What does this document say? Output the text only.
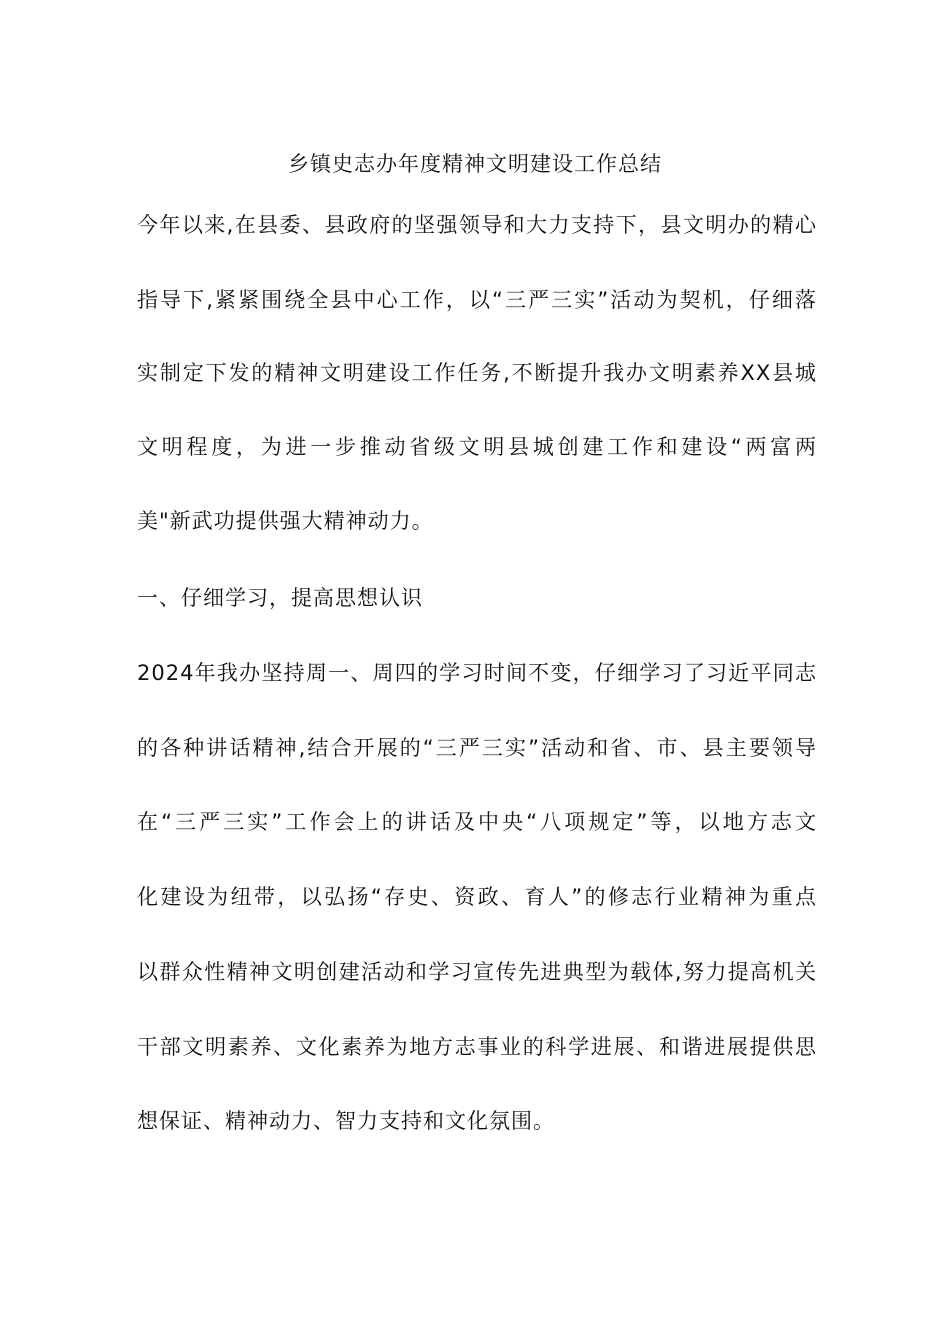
乡镇史志办年度精神文明建设工作总结
今年以来,在县委、县政府的坚强领导和大力支持下，县文明办的精心
指导下,紧紧围绕全县中心工作，以“三严三实”活动为契机，仔细落
实制定下发的精神文明建设工作任务,不断提升我办文明素养XX县城
文明程度，为进一步推动省级文明县城创建工作和建设“两富两
美"新武功提供强大精神动力。
一、仔细学习，提高思想认识
2024年我办坚持周一、周四的学习时间不变，仔细学习了习近平同志
的各种讲话精神,结合开展的“三严三实”活动和省、市、县主要领导
在“三严三实”工作会上的讲话及中央“八项规定”等，以地方志文
化建设为纽带，以弘扬“存史、资政、育人”的修志行业精神为重点
以群众性精神文明创建活动和学习宣传先进典型为载体,努力提高机关
干部文明素养、文化素养为地方志事业的科学进展、和谐进展提供思
想保证、精神动力、智力支持和文化氛围。
